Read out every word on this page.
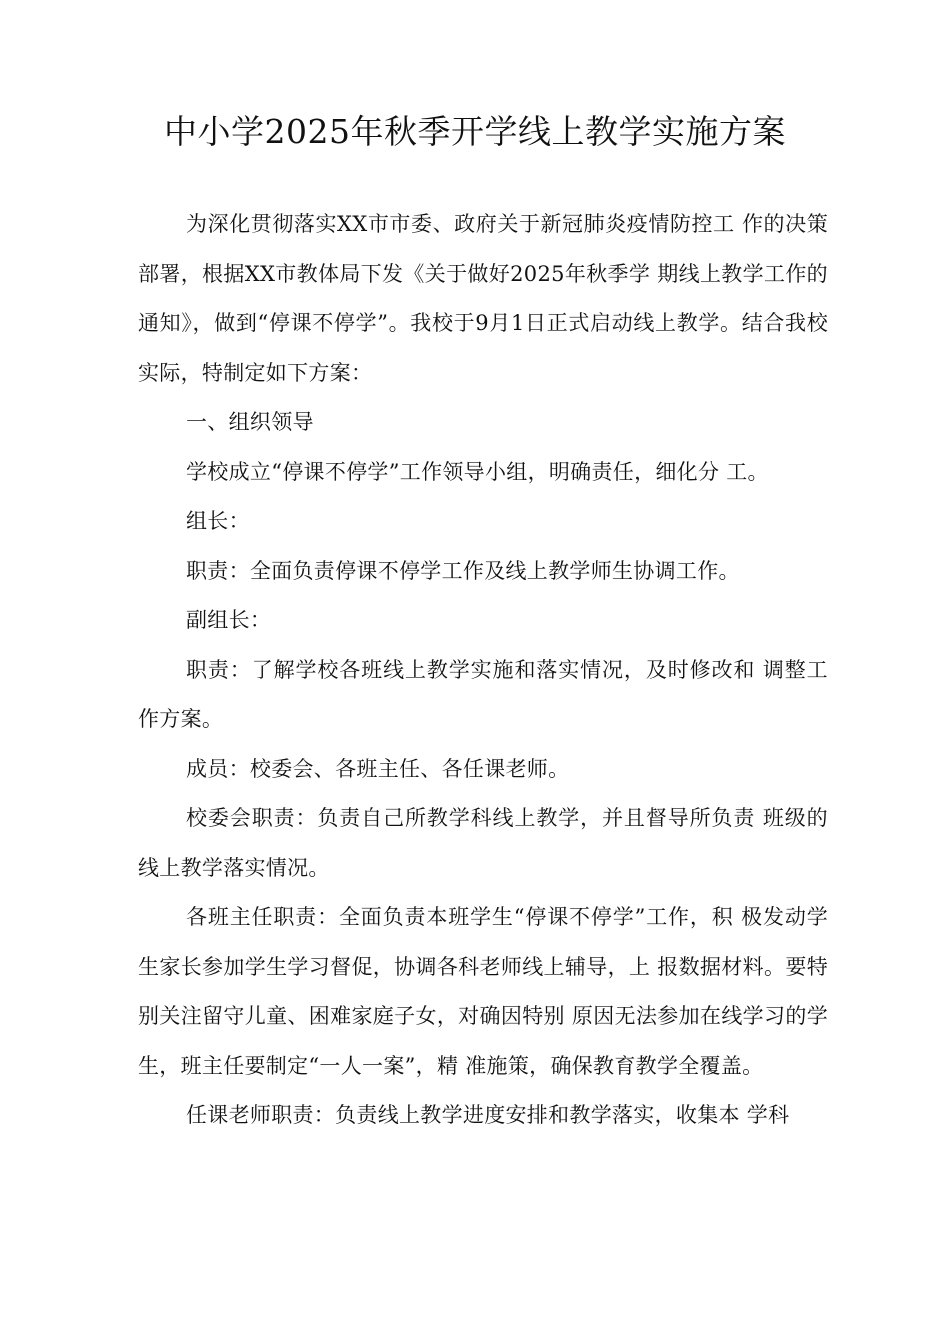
中小学2025年秋季开学线上教学实施方案

为深化贯彻落实XX市市委、政府关于新冠肺炎疫情防控工 作的决策部署，根据XX市教体局下发《关于做好2025年秋季学 期线上教学工作的通知》，做到“停课不停学”。我校于9月1日正式启动线上教学。结合我校实际，特制定如下方案：

一、组织领导

学校成立“停课不停学”工作领导小组，明确责任，细化分 工。

组长：

职责：全面负责停课不停学工作及线上教学师生协调工作。

副组长：

职责：了解学校各班线上教学实施和落实情况，及时修改和 调整工作方案。

成员：校委会、各班主任、各任课老师。

校委会职责：负责自己所教学科线上教学，并且督导所负责 班级的线上教学落实情况。

各班主任职责：全面负责本班学生“停课不停学”工作，积 极发动学生家长参加学生学习督促，协调各科老师线上辅导，上 报数据材料。要特别关注留守儿童、困难家庭子女，对确因特别 原因无法参加在线学习的学生，班主任要制定“一人一案”，精 准施策，确保教育教学全覆盖。

任课老师职责：负责线上教学进度安排和教学落实，收集本 学科
